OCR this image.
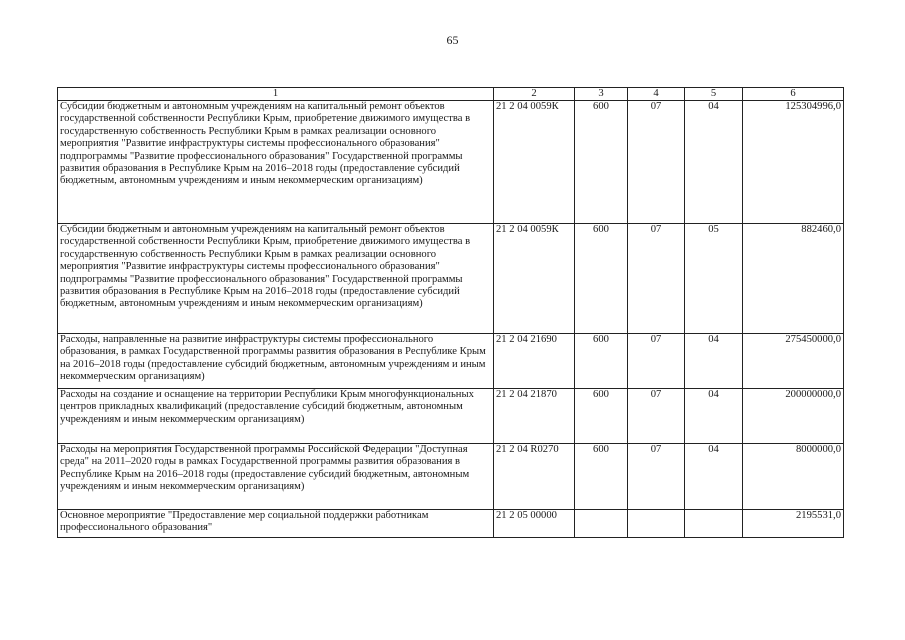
65
1	2	3	4	5	6
Субсидии бюджетным и автономным учреждениям на капитальный ремонт объектов государственной собственности Республики Крым, приобретение движимого имущества в государственную собственность Республики Крым в рамках реализации основного мероприятия "Развитие инфраструктуры системы профессионального образования" подпрограммы "Развитие профессионального образования" Государственной программы развития образования в Республике Крым на 2016–2018 годы (предоставление субсидий бюджетным, автономным учреждениям и иным некоммерческим организациям)	21 2 04 0059К	600	07	04	125304996,0
Субсидии бюджетным и автономным учреждениям на капитальный ремонт объектов государственной собственности Республики Крым, приобретение движимого имущества в государственную собственность Республики Крым в рамках реализации основного мероприятия "Развитие инфраструктуры системы профессионального образования" подпрограммы "Развитие профессионального образования" Государственной программы развития образования в Республике Крым на 2016–2018 годы (предоставление субсидий бюджетным, автономным учреждениям и иным некоммерческим организациям)	21 2 04 0059К	600	07	05	882460,0
Расходы, направленные на развитие инфраструктуры системы профессионального образования, в рамках Государственной программы развития образования в Республике Крым на 2016–2018 годы (предоставление субсидий бюджетным, автономным учреждениям и иным некоммерческим организациям)	21 2 04 21690	600	07	04	275450000,0
Расходы на создание и оснащение на территории Республики Крым многофункциональных центров прикладных квалификаций (предоставление субсидий бюджетным, автономным учреждениям и иным некоммерческим организациям)	21 2 04 21870	600	07	04	200000000,0
Расходы на мероприятия Государственной программы Российской Федерации "Доступная среда" на 2011–2020 годы в рамках Государственной программы развития образования в Республике Крым на 2016–2018 годы (предоставление субсидий бюджетным, автономным учреждениям и иным некоммерческим организациям)	21 2 04 R0270	600	07	04	8000000,0
Основное мероприятие "Предоставление мер социальной поддержки работникам профессионального образования"	21 2 05 00000				2195531,0
